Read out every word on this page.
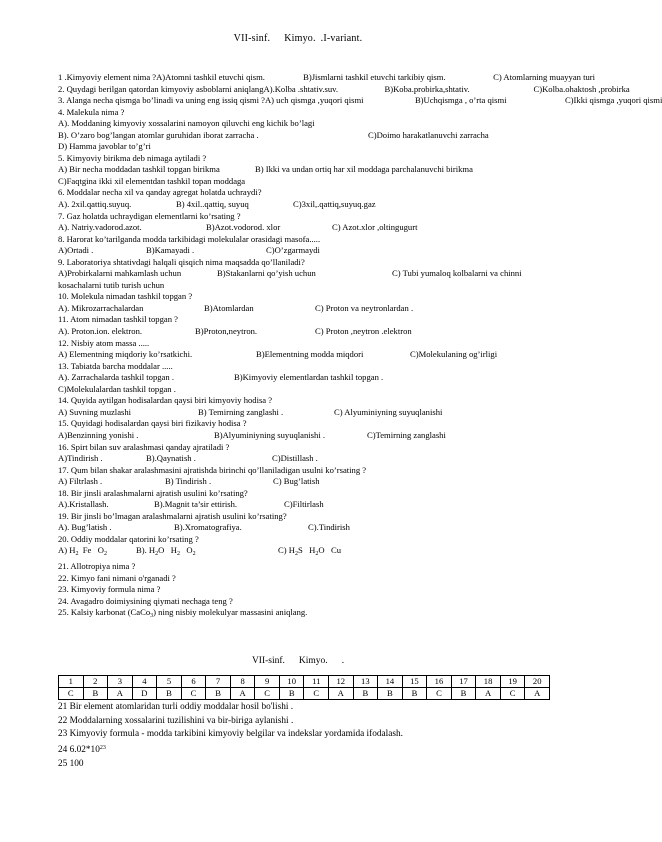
VII-sinf. Kimyo. .I-variant.
1 .Kimyoviy element nima ?A)Atomni tashkil etuvchi qism.	B)Jismlarni tashkil etuvchi tarkibiy qism.	C) Atomlarning muayyan turi
2. Quydagi berilgan qatordan kimyoviy asboblarni aniqlangA).Kolba .shtativ.suv.	B)Koba.probirka,shtativ.	C)Kolba.ohaktosh ,probirka
3. Alanga necha qismga bo’linadi va uning eng issiq qismi ?A) uch qismga ,yuqori qismi	B)Uchqismga , o’rta qismi	C)Ikki qismga ,yuqori qismi
4. Malekula nima ?
A). Moddaning kimyoviy xossalarini namoyon qiluvchi eng kichik bo’lagi
B). O’zaro bog’langan atomlar guruhidan iborat zarracha .	C)Doimo harakatlanuvchi zarracha
D) Hamma javoblar to’g’ri
5. Kimyoviy birikma deb nimaga aytiladi ?
A) Bir necha moddadan tashkil topgan birikma	B) Ikki va undan ortiq har xil moddaga parchalanuvchi birikma
C)Faqtgina ikki xil elementdan tashkil topan moddaga
6. Moddalar necha xil va qanday agregat holatda uchraydi?
A). 2xil.qattiq.suyuq.	B) 4xil..qattiq, suyuq	C)3xil,.qattiq,suyuq.gaz
7. Gaz holatda uchraydigan elementlarni ko’rsating ?
A). Natriy.vadorod.azot.	B)Azot.vodorod. xlor	C) Azot.xlor ,oltingugurt
8. Harorat ko’tarilganda modda tarkibidagi molekulalar orasidagi masofa.....
A)Ortadi .	B)Kamayadi .	C)O’zgarmaydi
9. Laboratoriya shtativdagi halqali qisqich nima maqsadda qo’llaniladi?
A)Probirkalarni mahkamlash uchun	B)Stakanlarni qo’yish uchun	C) Tubi yumaloq kolbalarni va chinni
kosachalarni tutib turish uchun
10. Molekula nimadan tashkil topgan ?
A). Mikrozarrachalardan	B)Atomlardan	C) Proton va neytronlardan .
11. Atom nimadan tashkil topgan ?
A). Proton.ion. elektron.	B)Proton,neytron.	C) Proton ,neytron .elektron
12. Nisbiy atom massa .....
A) Elementning miqdoriy ko’rsatkichi.	B)Elementning modda miqdori	C)Molekulaning og’irligi
13. Tabiatda barcha moddalar .....
A). Zarrachalarda tashkil topgan .	B)Kimyoviy elementlardan tashkil topgan .
C)Molekulalardan tashkil topgan .
14. Quyida aytilgan hodisalardan qaysi biri kimyoviy hodisa ?
A) Suvning muzlashi	B) Temirning zanglashi .	C) Alyuminiyning suyuqlanishi
15. Quyidagi hodisalardan qaysi biri fizikaviy hodisa ?
A)Benzinning yonishi .	B)Alyuminiyning suyuqlanishi .	C)Temirning zanglashi
16. Spirt bilan suv aralashmasi qanday ajratiladi ?
A)Tindirish .	B).Qaynatish .	C)Distillash .
17. Qum bilan shakar aralashmasini ajratishda birinchi qo’llaniladigan usulni ko’rsating ?
A) Filtrlash .	B) Tindirish .	C) Bug’latish
18. Bir jinsli aralashmalarni ajratish usulini ko’rsating?
A).Kristallash.	B).Magnit ta’sir ettirish.	C)Filtirlash
19. Bir jinsli bo’lmagan aralashmalarni ajratish usulini ko’rsating?
A). Bug’latish .	B).Xromatografiya.	C).Tindirish
20. Oddiy moddalar qatorini ko’rsating ?
A) $H_2$  Fe   $O_2$	B). $H_2O$   $H_2$   $O_2$	C) $H_2S$   $H_2O$   Cu
21. Allotropiya nima ?
22. Kimyo fani nimani o'rganadi ?
23. Kimyoviy formula nima ?
24. Avagadro doimiysining qiymati nechaga teng ?
25. Kalsiy karbonat (CaCo$_3$) ning nisbiy molekulyar massasini aniqlang.
VII-sinf. Kimyo. .
1	2	3	4	5	6	7	8	9	10	11	12	13	14	15	16	17	18	19	20
C	B	A	D	B	C	B	A	C	B	C	A	B	B	B	C	B	A	C	A
21 Bir element atomlaridan turli oddiy moddalar hosil bo'lishi .
22 Moddalarning xossalarini tuzilishini va bir-biriga aylanishi .
23 Kimyoviy formula - modda tarkibini kimyoviy belgilar va indekslar yordamida ifodalash.
24 $6.02*10^{23}$
25 100
